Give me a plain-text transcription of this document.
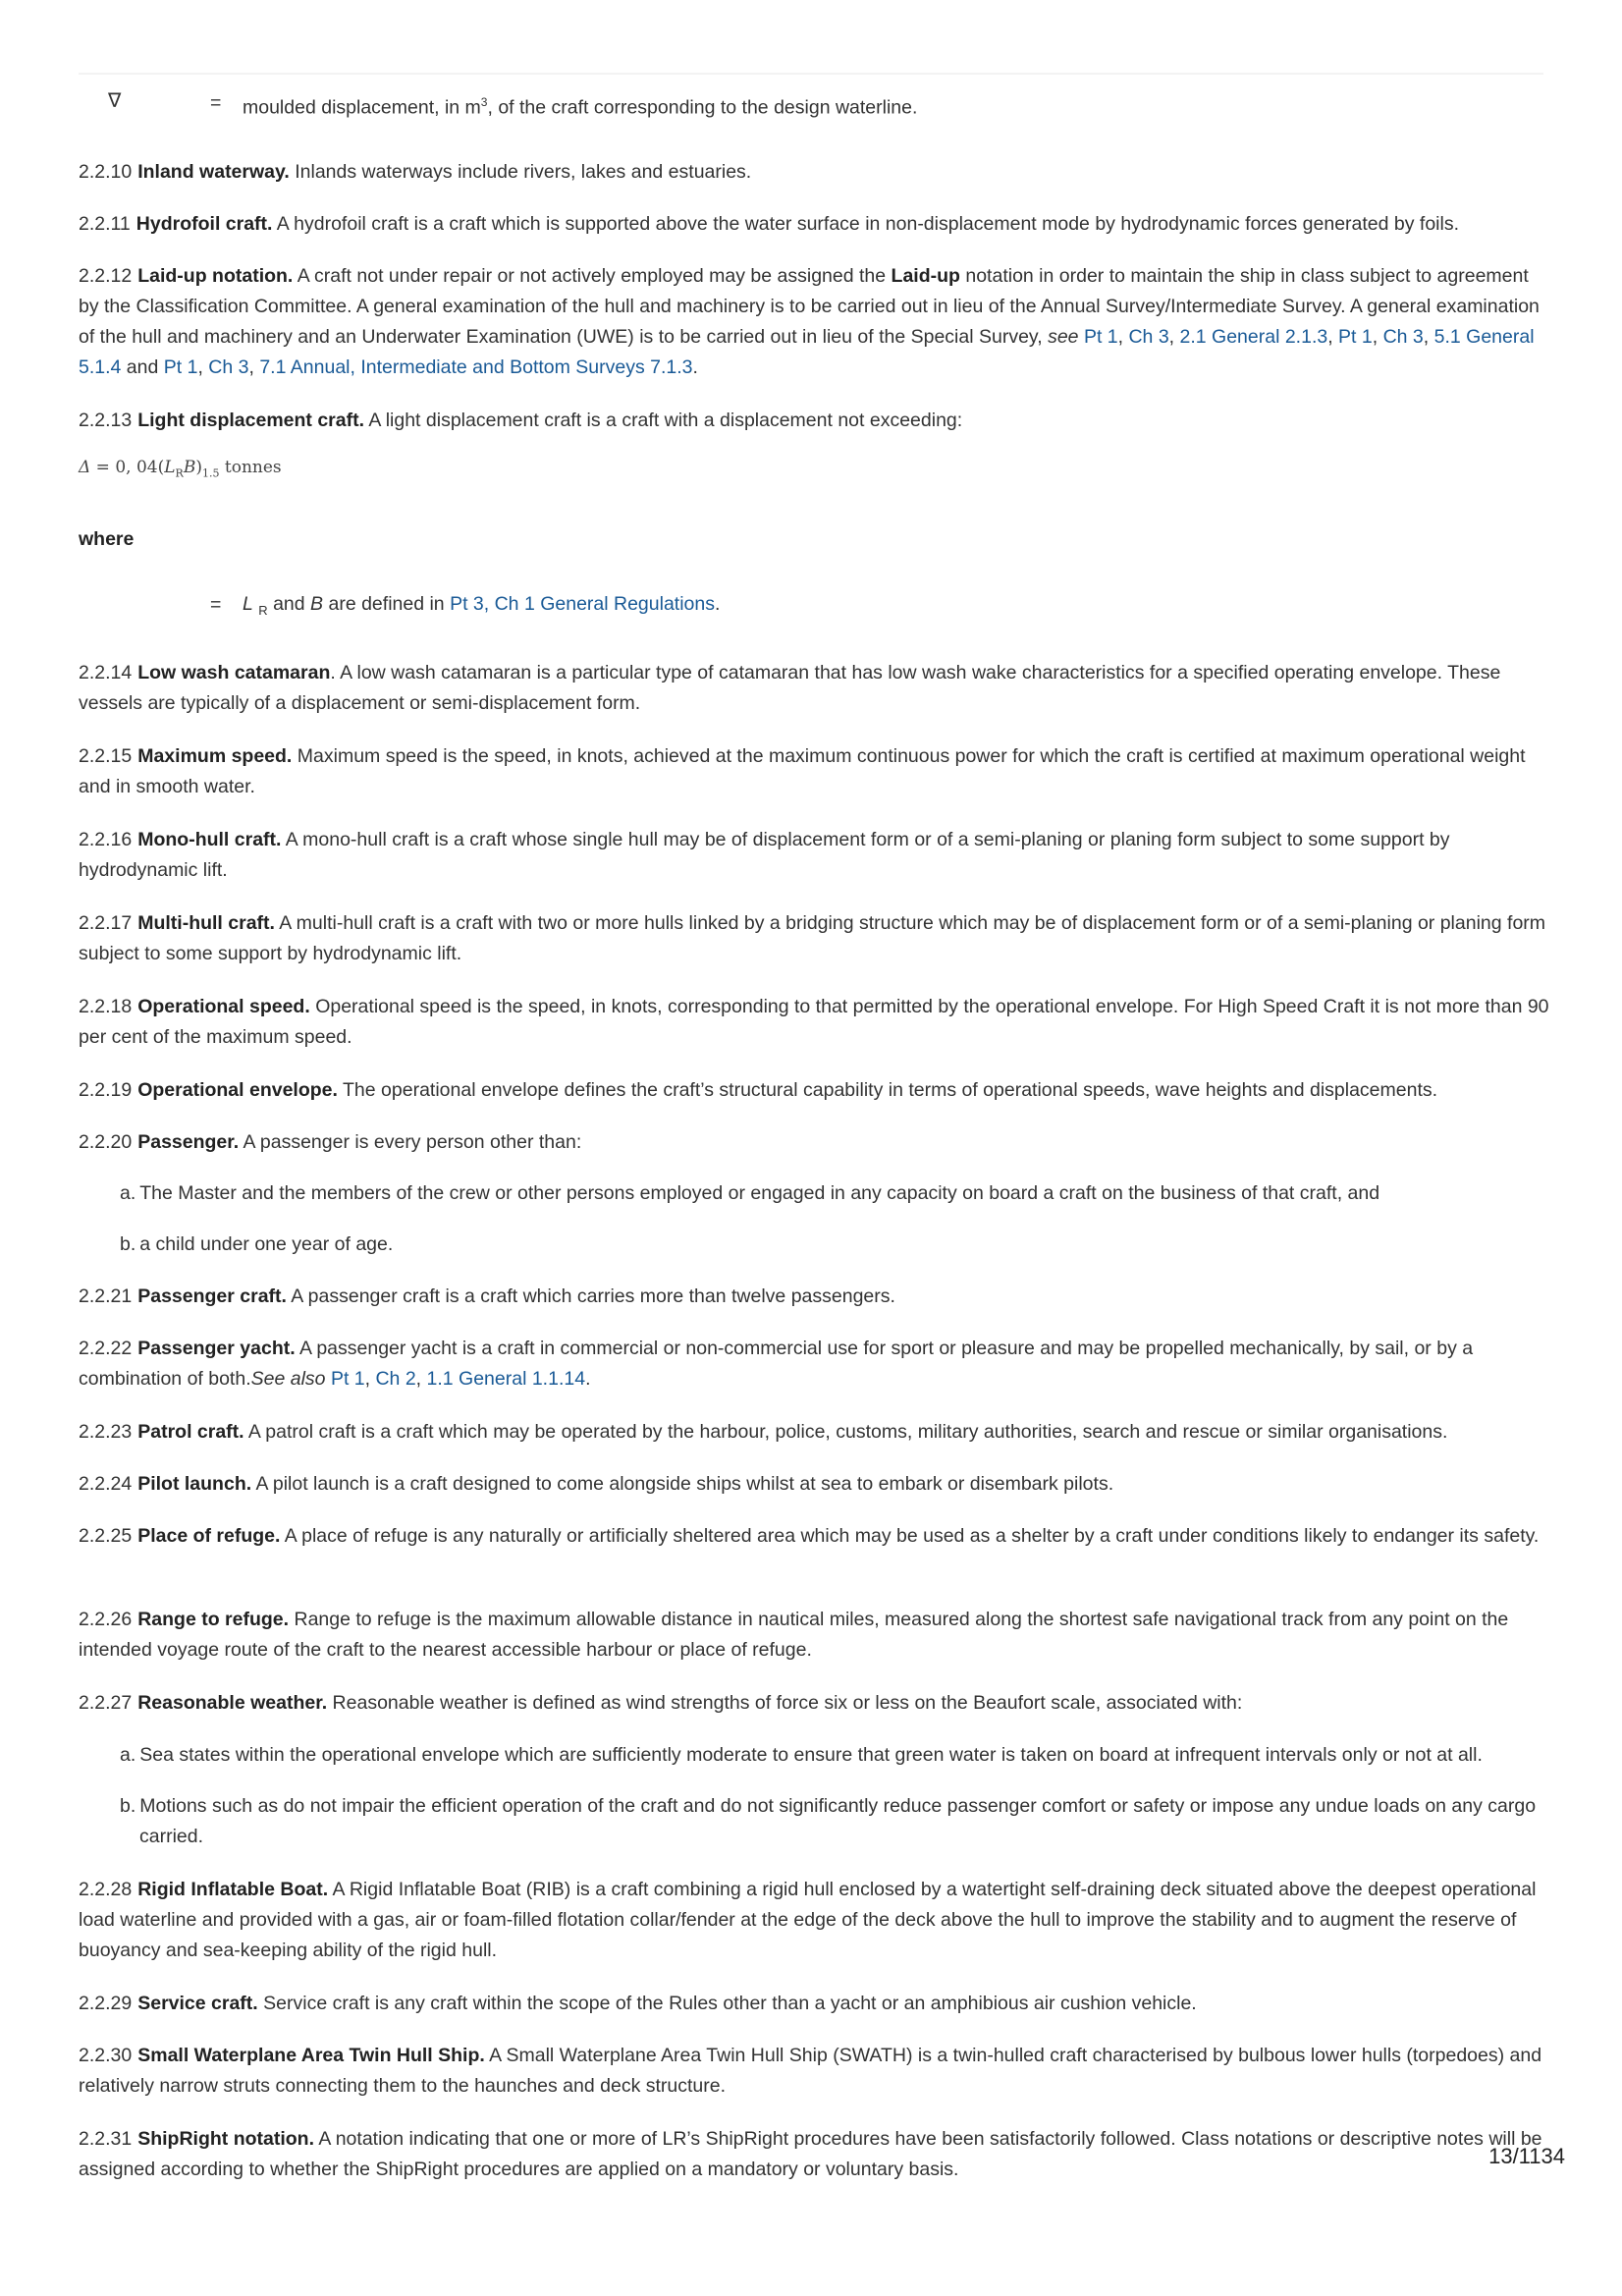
∇	= moulded displacement, in $m^3$, of the craft corresponding to the design waterline.

2.2.10 Inland waterway. Inlands waterways include rivers, lakes and estuaries.

2.2.11 Hydrofoil craft. A hydrofoil craft is a craft which is supported above the water surface in non-displacement mode by hydrodynamic forces generated by foils.

2.2.12 Laid-up notation. A craft not under repair or not actively employed may be assigned the Laid-up notation in order to maintain the ship in class subject to agreement by the Classification Committee. A general examination of the hull and machinery is to be carried out in lieu of the Annual Survey/Intermediate Survey. A general examination of the hull and machinery and an Underwater Examination (UWE) is to be carried out in lieu of the Special Survey, see Pt 1, Ch 3, 2.1 General 2.1.3, Pt 1, Ch 3, 5.1 General 5.1.4 and Pt 1, Ch 3, 7.1 Annual, Intermediate and Bottom Surveys 7.1.3.

2.2.13 Light displacement craft. A light displacement craft is a craft with a displacement not exceeding:

Δ = 0, $04(L_RB)_{1.5}$ tonnes
where
= L $_R$ and B are defined in Pt 3, Ch 1 General Regulations.

2.2.14 Low wash catamaran. A low wash catamaran is a particular type of catamaran that has low wash wake characteristics for a specified operating envelope. These vessels are typically of a displacement or semi-displacement form.

2.2.15 Maximum speed. Maximum speed is the speed, in knots, achieved at the maximum continuous power for which the craft is certified at maximum operational weight and in smooth water.

2.2.16 Mono-hull craft. A mono-hull craft is a craft whose single hull may be of displacement form or of a semi-planing or planing form subject to some support by hydrodynamic lift.

2.2.17 Multi-hull craft. A multi-hull craft is a craft with two or more hulls linked by a bridging structure which may be of displacement form or of a semi-planing or planing form subject to some support by hydrodynamic lift.

2.2.18 Operational speed. Operational speed is the speed, in knots, corresponding to that permitted by the operational envelope. For High Speed Craft it is not more than 90 per cent of the maximum speed.

2.2.19 Operational envelope. The operational envelope defines the craft’s structural capability in terms of operational speeds, wave heights and displacements.

2.2.20 Passenger. A passenger is every person other than:

a. The Master and the members of the crew or other persons employed or engaged in any capacity on board a craft on the business of that craft, and

b. a child under one year of age.

2.2.21 Passenger craft. A passenger craft is a craft which carries more than twelve passengers.

2.2.22 Passenger yacht. A passenger yacht is a craft in commercial or non-commercial use for sport or pleasure and may be propelled mechanically, by sail, or by a combination of both.See also Pt 1, Ch 2, 1.1 General 1.1.14.

2.2.23 Patrol craft. A patrol craft is a craft which may be operated by the harbour, police, customs, military authorities, search and rescue or similar organisations.

2.2.24 Pilot launch. A pilot launch is a craft designed to come alongside ships whilst at sea to embark or disembark pilots.

2.2.25 Place of refuge. A place of refuge is any naturally or artificially sheltered area which may be used as a shelter by a craft under conditions likely to endanger its safety.

2.2.26 Range to refuge. Range to refuge is the maximum allowable distance in nautical miles, measured along the shortest safe navigational track from any point on the intended voyage route of the craft to the nearest accessible harbour or place of refuge.

2.2.27 Reasonable weather. Reasonable weather is defined as wind strengths of force six or less on the Beaufort scale, associated with:

a. Sea states within the operational envelope which are sufficiently moderate to ensure that green water is taken on board at infrequent intervals only or not at all.

b. Motions such as do not impair the efficient operation of the craft and do not significantly reduce passenger comfort or safety or impose any undue loads on any cargo carried.

2.2.28 Rigid Inflatable Boat. A Rigid Inflatable Boat (RIB) is a craft combining a rigid hull enclosed by a watertight self-draining deck situated above the deepest operational load waterline and provided with a gas, air or foam-filled flotation collar/fender at the edge of the deck above the hull to improve the stability and to augment the reserve of buoyancy and sea-keeping ability of the rigid hull.

2.2.29 Service craft. Service craft is any craft within the scope of the Rules other than a yacht or an amphibious air cushion vehicle.

2.2.30 Small Waterplane Area Twin Hull Ship. A Small Waterplane Area Twin Hull Ship (SWATH) is a twin-hulled craft characterised by bulbous lower hulls (torpedoes) and relatively narrow struts connecting them to the haunches and deck structure.

2.2.31 ShipRight notation. A notation indicating that one or more of LR’s ShipRight procedures have been satisfactorily followed. Class notations or descriptive notes will be assigned according to whether the ShipRight procedures are applied on a mandatory or voluntary basis.

13/1134
